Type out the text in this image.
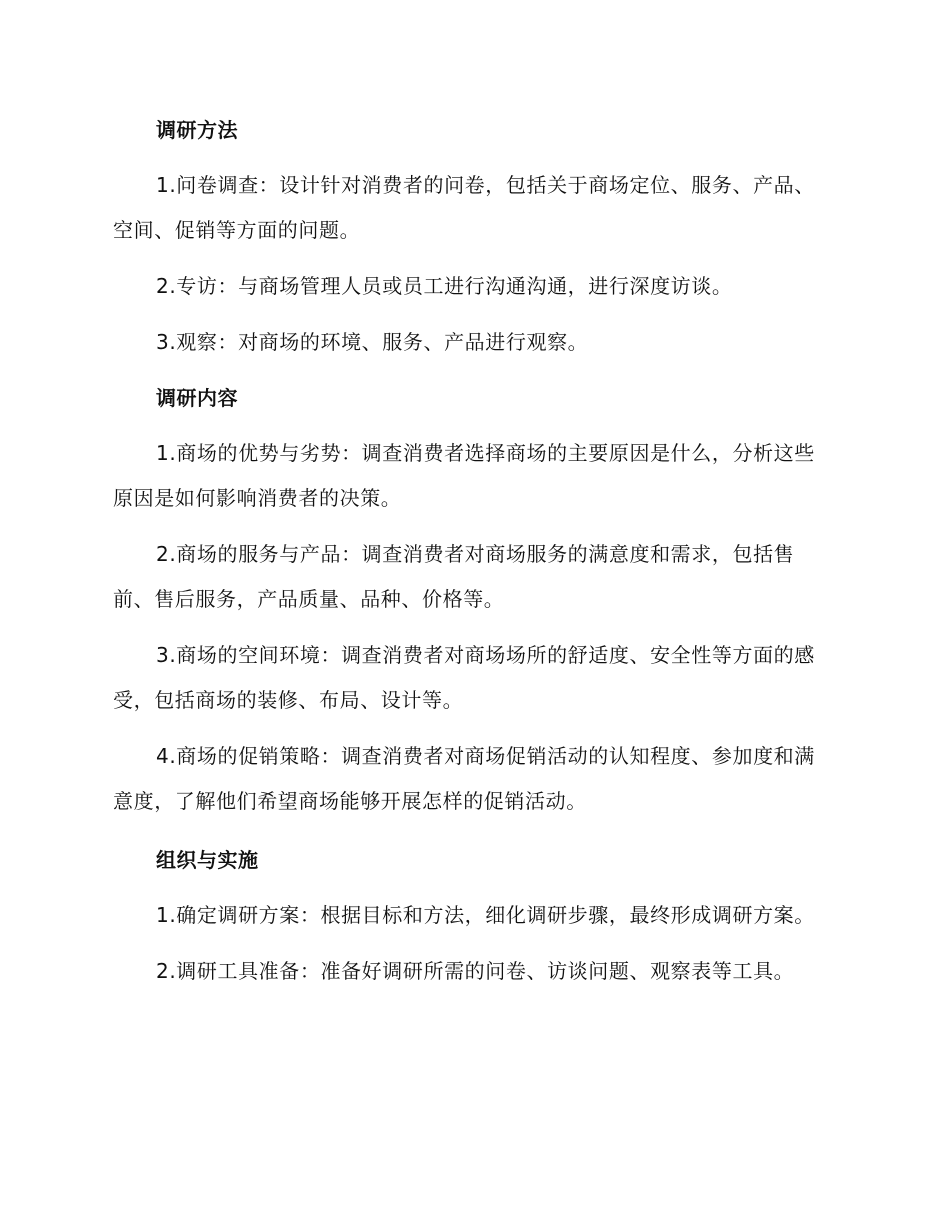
调研方法

1.问卷调查：设计针对消费者的问卷，包括关于商场定位、服务、产品、空间、促销等方面的问题。

2.专访：与商场管理人员或员工进行沟通沟通，进行深度访谈。

3.观察：对商场的环境、服务、产品进行观察。

调研内容

1.商场的优势与劣势：调查消费者选择商场的主要原因是什么，分析这些原因是如何影响消费者的决策。

2.商场的服务与产品：调查消费者对商场服务的满意度和需求，包括售前、售后服务，产品质量、品种、价格等。

3.商场的空间环境：调查消费者对商场场所的舒适度、安全性等方面的感受，包括商场的装修、布局、设计等。

4.商场的促销策略：调查消费者对商场促销活动的认知程度、参加度和满意度，了解他们希望商场能够开展怎样的促销活动。

组织与实施

1.确定调研方案：根据目标和方法，细化调研步骤，最终形成调研方案。

2.调研工具准备：准备好调研所需的问卷、访谈问题、观察表等工具。
